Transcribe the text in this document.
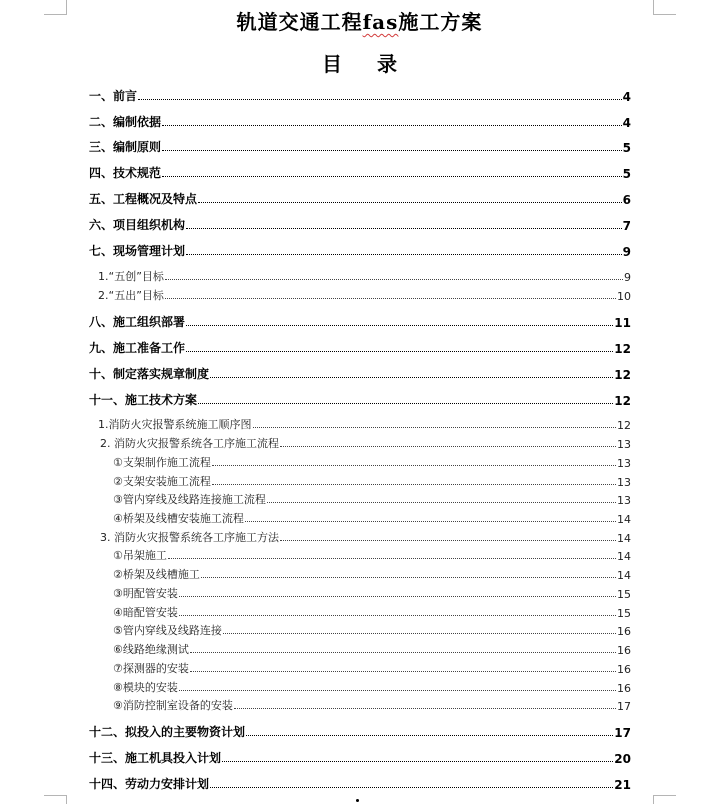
轨道交通工程fas施工方案
目 录
一、前言	4
二、编制依据	4
三、编制原则	5
四、技术规范	5
五、工程概况及特点	6
六、项目组织机构	7
七、现场管理计划	9
1.“五创”目标	9
2.“五出”目标	10
八、施工组织部署	11
九、施工准备工作	12
十、制定落实规章制度	12
十一、施工技术方案	12
1.消防火灾报警系统施工顺序图	12
2. 消防火灾报警系统各工序施工流程	13
①支架制作施工流程	13
②支架安装施工流程	13
③管内穿线及线路连接施工流程	13
④桥架及线槽安装施工流程	14
3. 消防火灾报警系统各工序施工方法	14
①吊架施工	14
②桥架及线槽施工	14
③明配管安装	15
④暗配管安装	15
⑤管内穿线及线路连接	16
⑥线路绝缘测试	16
⑦探测器的安装	16
⑧模块的安装	16
⑨消防控制室设备的安装	17
十二、拟投入的主要物资计划	17
十三、施工机具投入计划	20
十四、劳动力安排计划	21
